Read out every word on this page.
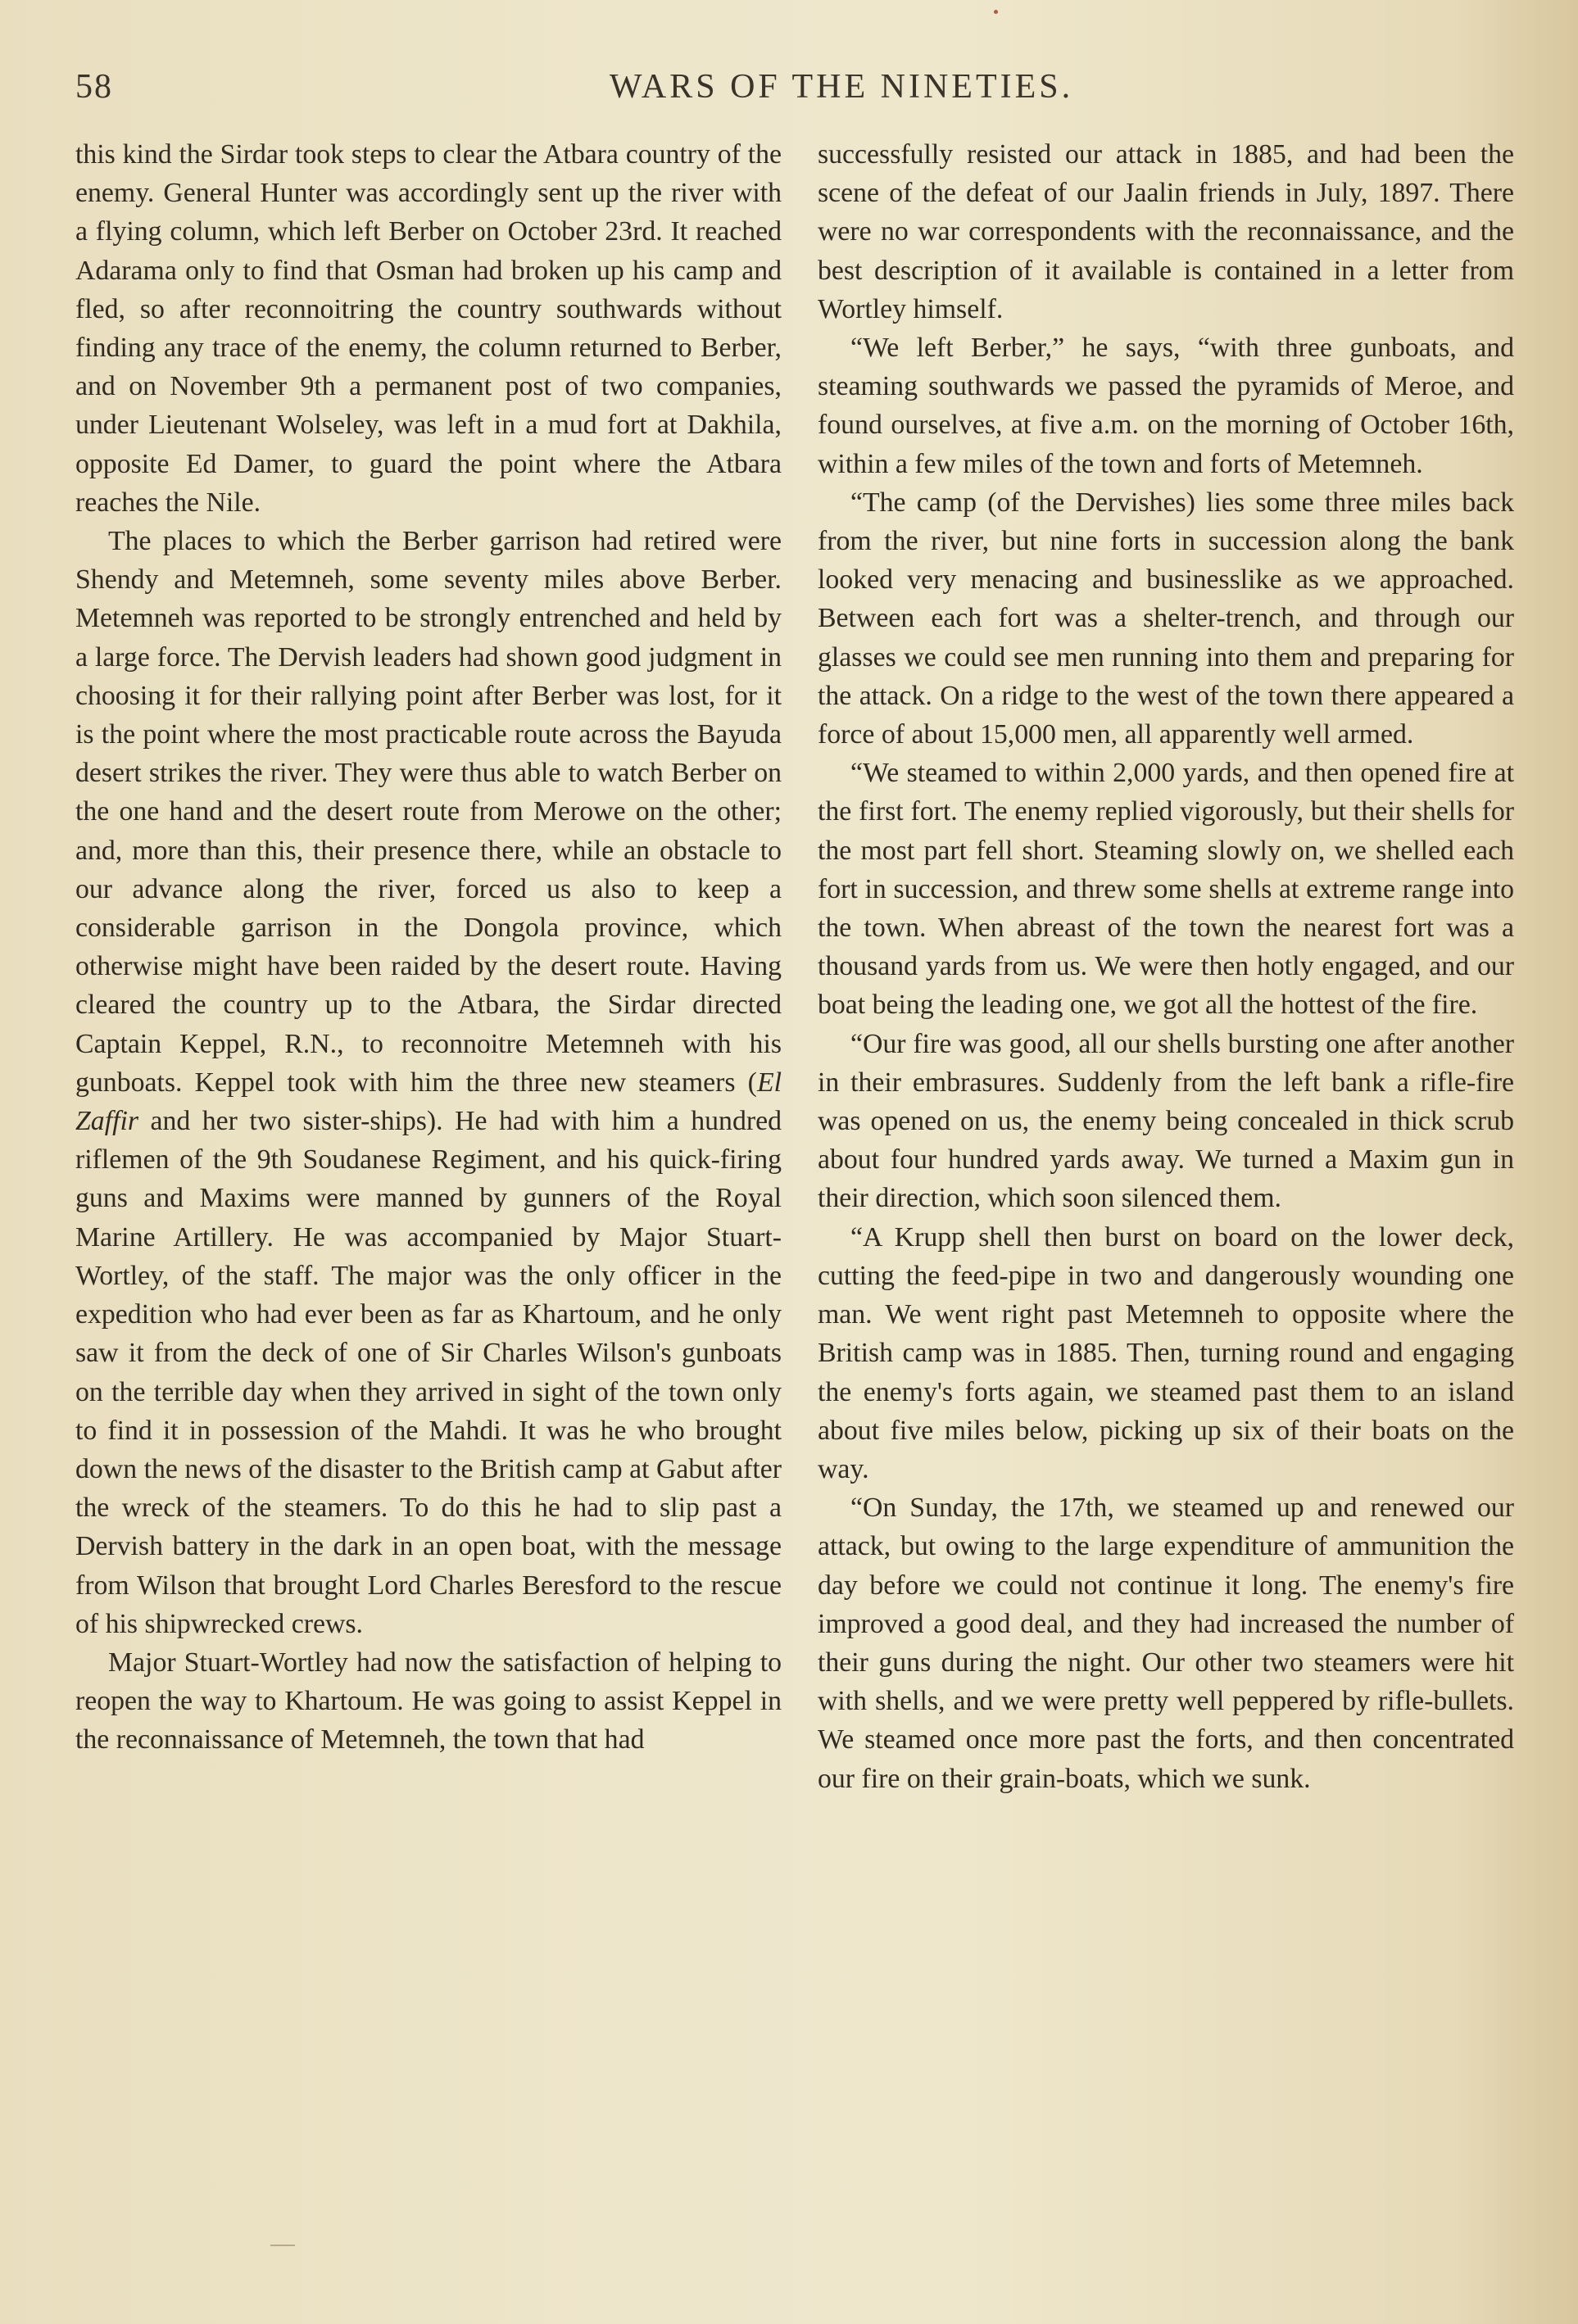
58	WARS OF THE NINETIES.

this kind the Sirdar took steps to clear the Atbara country of the enemy. General Hunter was accordingly sent up the river with a flying column, which left Berber on October 23rd. It reached Adarama only to find that Osman had broken up his camp and fled, so after reconnoitring the country southwards without finding any trace of the enemy, the column returned to Berber, and on November 9th a permanent post of two companies, under Lieutenant Wolseley, was left in a mud fort at Dakhila, opposite Ed Damer, to guard the point where the Atbara reaches the Nile.

The places to which the Berber garrison had retired were Shendy and Metemneh, some seventy miles above Berber. Metemneh was reported to be strongly entrenched and held by a large force. The Dervish leaders had shown good judgment in choosing it for their rallying point after Berber was lost, for it is the point where the most practicable route across the Bayuda desert strikes the river. They were thus able to watch Berber on the one hand and the desert route from Merowe on the other; and, more than this, their presence there, while an obstacle to our advance along the river, forced us also to keep a considerable garrison in the Dongola province, which otherwise might have been raided by the desert route. Having cleared the country up to the Atbara, the Sirdar directed Captain Keppel, R.N., to reconnoitre Metemneh with his gunboats. Keppel took with him the three new steamers (El Zaffir and her two sister-ships). He had with him a hundred riflemen of the 9th Soudanese Regiment, and his quick-firing guns and Maxims were manned by gunners of the Royal Marine Artillery. He was accompanied by Major Stuart-Wortley, of the staff. The major was the only officer in the expedition who had ever been as far as Khartoum, and he only saw it from the deck of one of Sir Charles Wilson's gunboats on the terrible day when they arrived in sight of the town only to find it in possession of the Mahdi. It was he who brought down the news of the disaster to the British camp at Gabut after the wreck of the steamers. To do this he had to slip past a Dervish battery in the dark in an open boat, with the message from Wilson that brought Lord Charles Beresford to the rescue of his shipwrecked crews.

Major Stuart-Wortley had now the satisfaction of helping to reopen the way to Khartoum. He was going to assist Keppel in the reconnaissance of Metemneh, the town that had

successfully resisted our attack in 1885, and had been the scene of the defeat of our Jaalin friends in July, 1897. There were no war correspondents with the reconnaissance, and the best description of it available is contained in a letter from Wortley himself.

“We left Berber,” he says, “with three gunboats, and steaming southwards we passed the pyramids of Meroe, and found ourselves, at five a.m. on the morning of October 16th, within a few miles of the town and forts of Metemneh.

“The camp (of the Dervishes) lies some three miles back from the river, but nine forts in succession along the bank looked very menacing and businesslike as we approached. Between each fort was a shelter-trench, and through our glasses we could see men running into them and preparing for the attack. On a ridge to the west of the town there appeared a force of about 15,000 men, all apparently well armed.

“We steamed to within 2,000 yards, and then opened fire at the first fort. The enemy replied vigorously, but their shells for the most part fell short. Steaming slowly on, we shelled each fort in succession, and threw some shells at extreme range into the town. When abreast of the town the nearest fort was a thousand yards from us. We were then hotly engaged, and our boat being the leading one, we got all the hottest of the fire.

“Our fire was good, all our shells bursting one after another in their embrasures. Suddenly from the left bank a rifle-fire was opened on us, the enemy being concealed in thick scrub about four hundred yards away. We turned a Maxim gun in their direction, which soon silenced them.

“A Krupp shell then burst on board on the lower deck, cutting the feed-pipe in two and dangerously wounding one man. We went right past Metemneh to opposite where the British camp was in 1885. Then, turning round and engaging the enemy's forts again, we steamed past them to an island about five miles below, picking up six of their boats on the way.

“On Sunday, the 17th, we steamed up and renewed our attack, but owing to the large expenditure of ammunition the day before we could not continue it long. The enemy's fire improved a good deal, and they had increased the number of their guns during the night. Our other two steamers were hit with shells, and we were pretty well peppered by rifle-bullets. We steamed once more past the forts, and then concentrated our fire on their grain-boats, which we sunk.
